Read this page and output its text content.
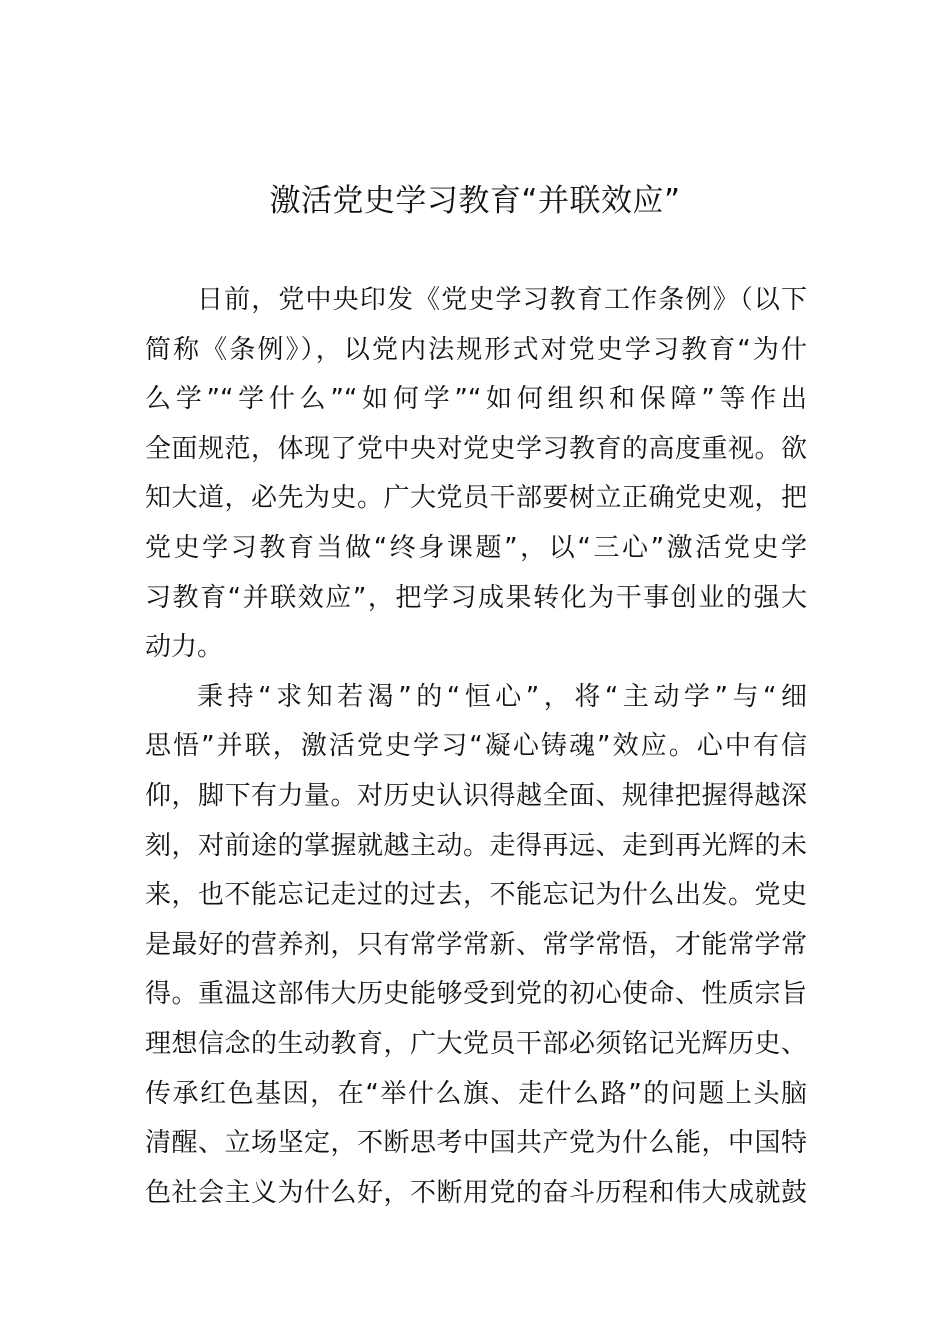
激活党史学习教育“并联效应”
日前，党中央印发《党史学习教育工作条例》（以下
简称《条例》），以党内法规形式对党史学习教育“为什
么学”“学什么”“如何学”“如何组织和保障”等作出
全面规范，体现了党中央对党史学习教育的高度重视。欲
知大道，必先为史。广大党员干部要树立正确党史观，把
党史学习教育当做“终身课题”，以“三心”激活党史学
习教育“并联效应”，把学习成果转化为干事创业的强大
动力。
秉持“求知若渴”的“恒心”，将“主动学”与“细
思悟”并联，激活党史学习“凝心铸魂”效应。心中有信
仰，脚下有力量。对历史认识得越全面、规律把握得越深
刻，对前途的掌握就越主动。走得再远、走到再光辉的未
来，也不能忘记走过的过去，不能忘记为什么出发。党史
是最好的营养剂，只有常学常新、常学常悟，才能常学常
得。重温这部伟大历史能够受到党的初心使命、性质宗旨
理想信念的生动教育，广大党员干部必须铭记光辉历史、
传承红色基因，在“举什么旗、走什么路”的问题上头脑
清醒、立场坚定，不断思考中国共产党为什么能，中国特
色社会主义为什么好，不断用党的奋斗历程和伟大成就鼓
